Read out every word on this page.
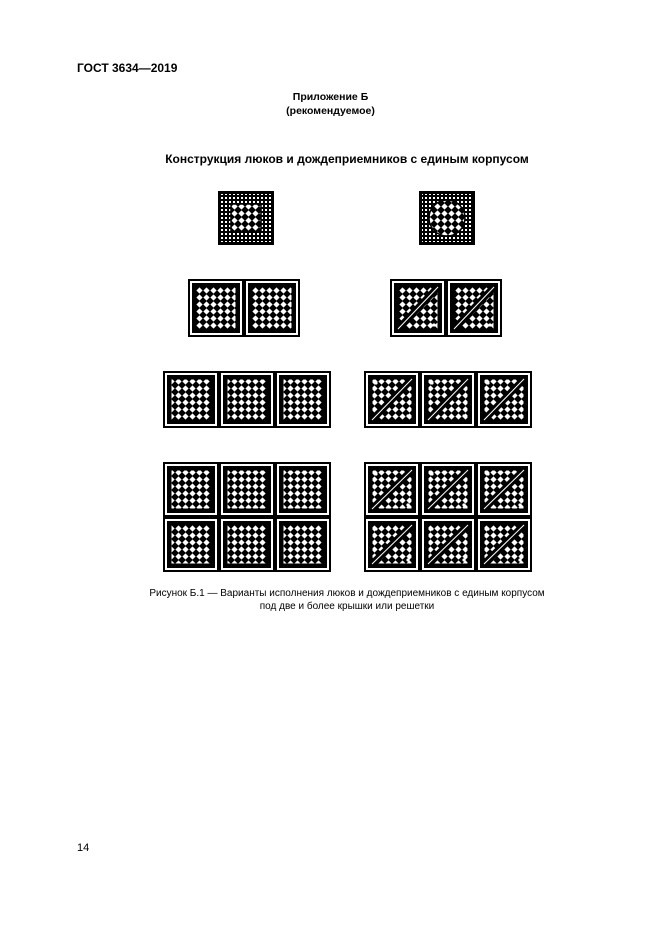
ГОСТ 3634—2019
Приложение Б
(рекомендуемое)
Конструкция люков и дождеприемников с единым корпусом
Рисунок Б.1 — Варианты исполнения люков и дождеприемников с единым корпусом
под две и более крышки или решетки
14
